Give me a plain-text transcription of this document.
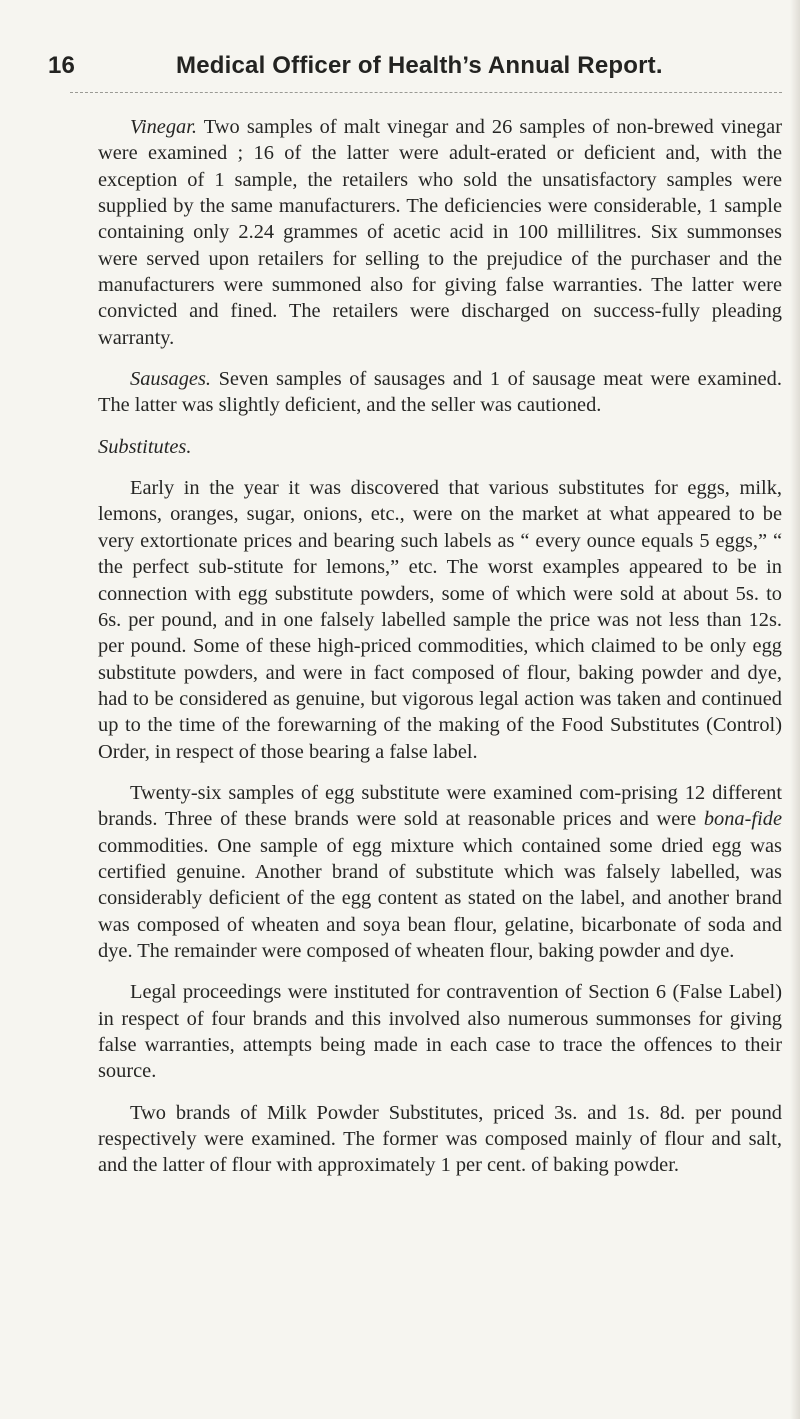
16	Medical Officer of Health’s Annual Report.

Vinegar. Two samples of malt vinegar and 26 samples of non-brewed vinegar were examined ; 16 of the latter were adult-erated or deficient and, with the exception of 1 sample, the retailers who sold the unsatisfactory samples were supplied by the same manufacturers. The deficiencies were considerable, 1 sample containing only 2.24 grammes of acetic acid in 100 millilitres. Six summonses were served upon retailers for selling to the prejudice of the purchaser and the manufacturers were summoned also for giving false warranties. The latter were convicted and fined. The retailers were discharged on success-fully pleading warranty.

Sausages. Seven samples of sausages and 1 of sausage meat were examined. The latter was slightly deficient, and the seller was cautioned.

Substitutes.

Early in the year it was discovered that various substitutes for eggs, milk, lemons, oranges, sugar, onions, etc., were on the market at what appeared to be very extortionate prices and bearing such labels as “ every ounce equals 5 eggs,” “ the perfect sub-stitute for lemons,” etc. The worst examples appeared to be in connection with egg substitute powders, some of which were sold at about 5s. to 6s. per pound, and in one falsely labelled sample the price was not less than 12s. per pound. Some of these high-priced commodities, which claimed to be only egg substitute powders, and were in fact composed of flour, baking powder and dye, had to be considered as genuine, but vigorous legal action was taken and continued up to the time of the forewarning of the making of the Food Substitutes (Control) Order, in respect of those bearing a false label.

Twenty-six samples of egg substitute were examined com-prising 12 different brands. Three of these brands were sold at reasonable prices and were bona-fide commodities. One sample of egg mixture which contained some dried egg was certified genuine. Another brand of substitute which was falsely labelled, was considerably deficient of the egg content as stated on the label, and another brand was composed of wheaten and soya bean flour, gelatine, bicarbonate of soda and dye. The remainder were composed of wheaten flour, baking powder and dye.

Legal proceedings were instituted for contravention of Section 6 (False Label) in respect of four brands and this involved also numerous summonses for giving false warranties, attempts being made in each case to trace the offences to their source.

Two brands of Milk Powder Substitutes, priced 3s. and 1s. 8d. per pound respectively were examined. The former was composed mainly of flour and salt, and the latter of flour with approximately 1 per cent. of baking powder.
